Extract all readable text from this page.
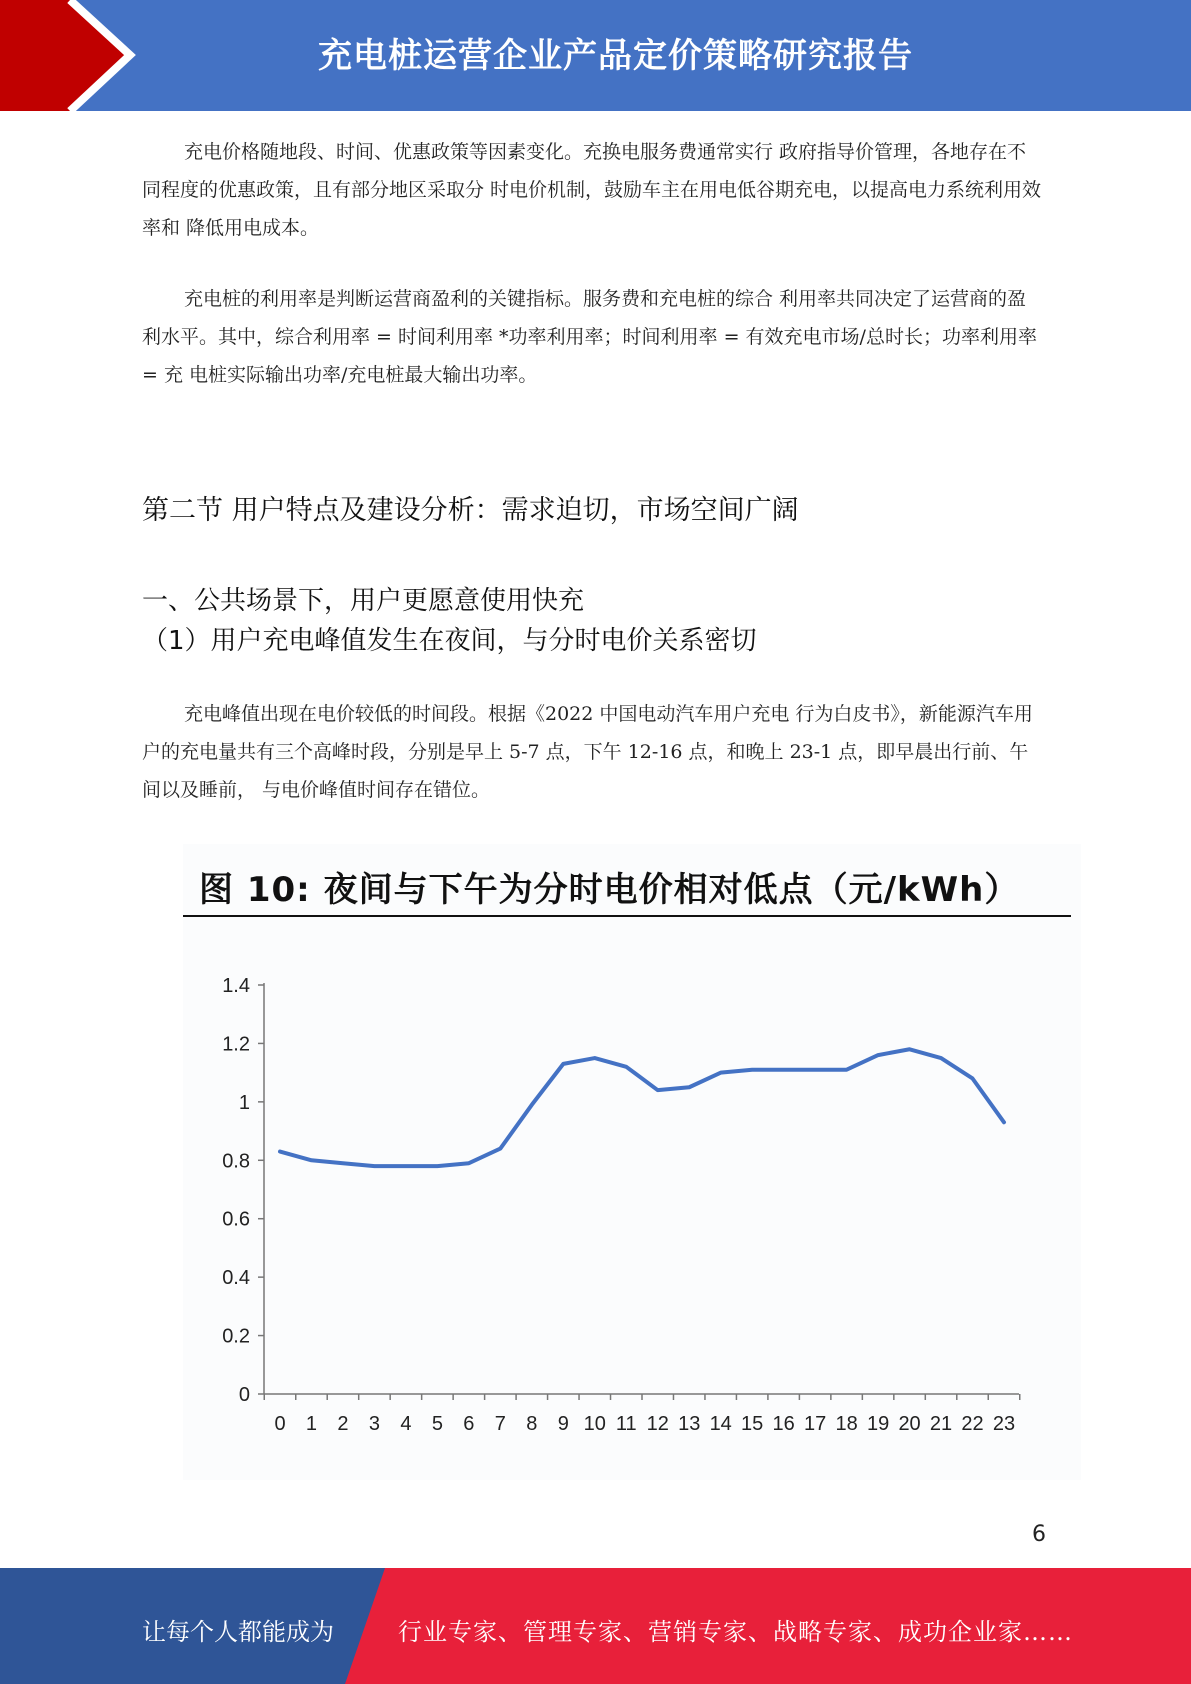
充电桩运营企业产品定价策略研究报告

充电价格随地段、时间、优惠政策等因素变化。充换电服务费通常实行 政府指导价管理，各地存在不同程度的优惠政策，且有部分地区采取分 时电价机制，鼓励车主在用电低谷期充电，以提高电力系统利用效率和 降低用电成本。

充电桩的利用率是判断运营商盈利的关键指标。服务费和充电桩的综合 利用率共同决定了运营商的盈利水平。其中，综合利用率 = 时间利用率 *功率利用率；时间利用率 = 有效充电市场/总时长；功率利用率 = 充 电桩实际输出功率/充电桩最大输出功率。

第二节 用户特点及建设分析：需求迫切，市场空间广阔
一、公共场景下，用户更愿意使用快充
（1）用户充电峰值发生在夜间，与分时电价关系密切

充电峰值出现在电价较低的时间段。根据《2022 中国电动汽车用户充电 行为白皮书》，新能源汽车用户的充电量共有三个高峰时段，分别是早上 5-7 点，下午 12-16 点，和晚上 23-1 点，即早晨出行前、午间以及睡前， 与电价峰值时间存在错位。

图 10: 夜间与下午为分时电价相对低点（元/kWh）
0
0.2
0.4
0.6
0.8
1
1.2
1.4
0 1 2 3 4 5 6 7 8 9 10 11 12 13 14 15 16 17 18 19 20 21 22 23
6
让每个人都能成为	行业专家、管理专家、营销专家、战略专家、成功企业家……
